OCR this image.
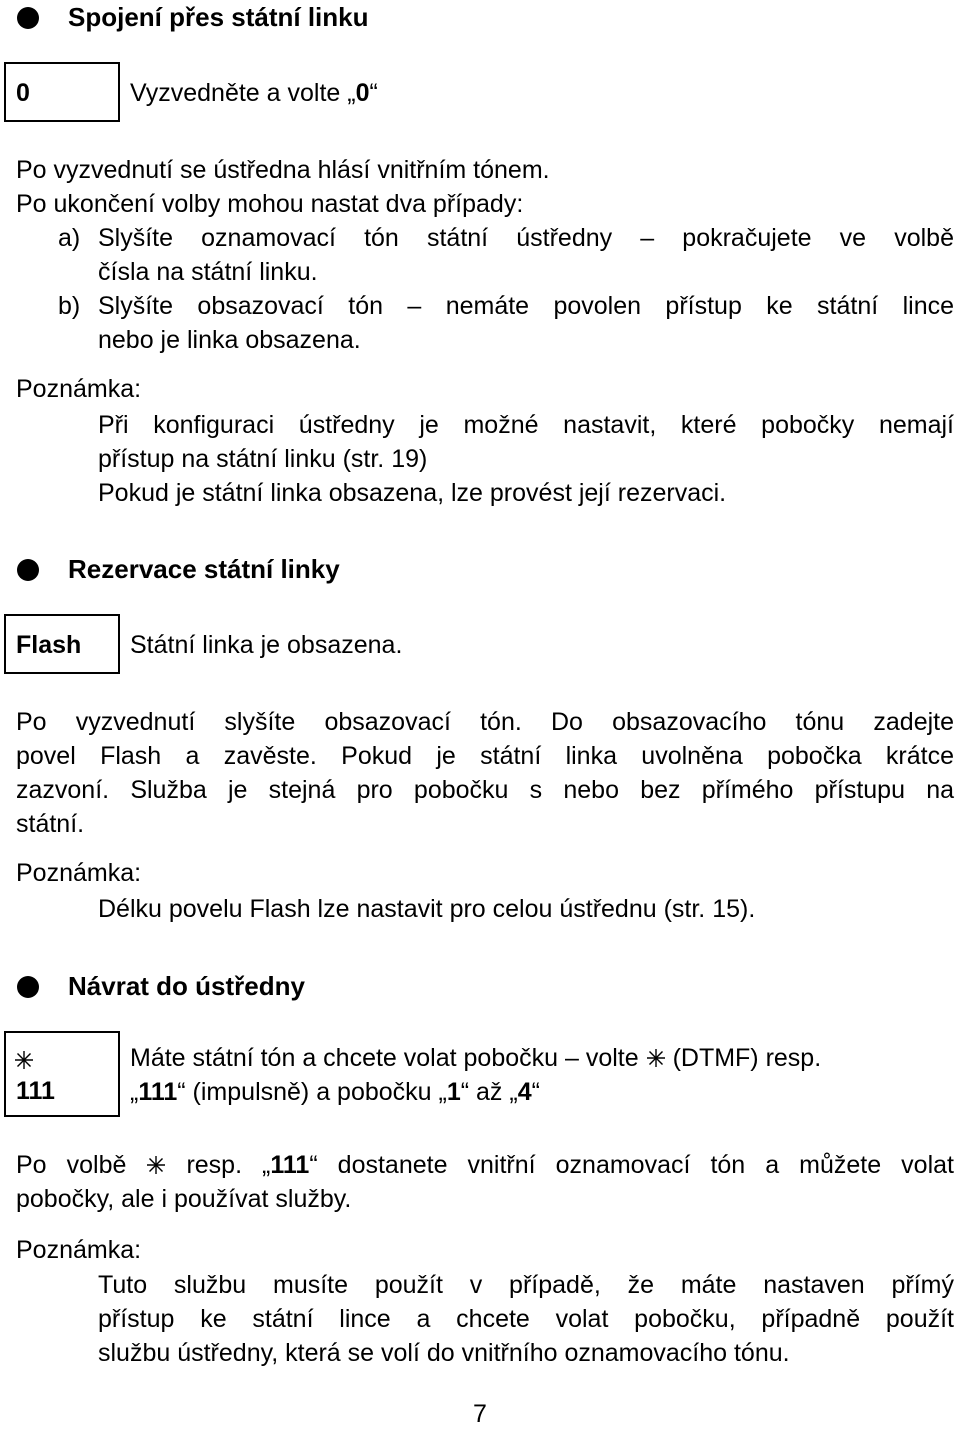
Spojení přes státní linku
0	Vyzvedněte a volte „0“
Po vyzvednutí se ústředna hlásí vnitřním tónem.
Po ukončení volby mohou nastat dva případy:
a) Slyšíte oznamovací tón státní ústředny – pokračujete ve volbě
čísla na státní linku.
b) Slyšíte obsazovací tón – nemáte povolen přístup ke státní lince
nebo je linka obsazena.
Poznámka:
Při konfiguraci ústředny je možné nastavit, které pobočky nemají
přístup na státní linku (str. 19)
Pokud je státní linka obsazena, lze provést její rezervaci.
Rezervace státní linky
Flash Státní linka je obsazena.
Po vyzvednutí slyšíte obsazovací tón. Do obsazovacího tónu zadejte
povel Flash a zavěste. Pokud je státní linka uvolněna pobočka krátce
zazvoní. Služba je stejná pro pobočku s nebo bez přímého přístupu na
státní.
Poznámka:
Délku povelu Flash lze nastavit pro celou ústřednu (str. 15).
Návrat do ústředny
111
Máte státní tón a chcete volat pobočku – volte (DTMF) resp.
„111“ (impulsně) a pobočku „1“ až „4“
Po volbě resp. „111“ dostanete vnitřní oznamovací tón a můžete volat
pobočky, ale i používat služby.
Poznámka:
Tuto službu musíte použít v případě, že máte nastaven přímý
přístup ke státní lince a chcete volat pobočku, případně použít
službu ústředny, která se volí do vnitřního oznamovacího tónu.
7
